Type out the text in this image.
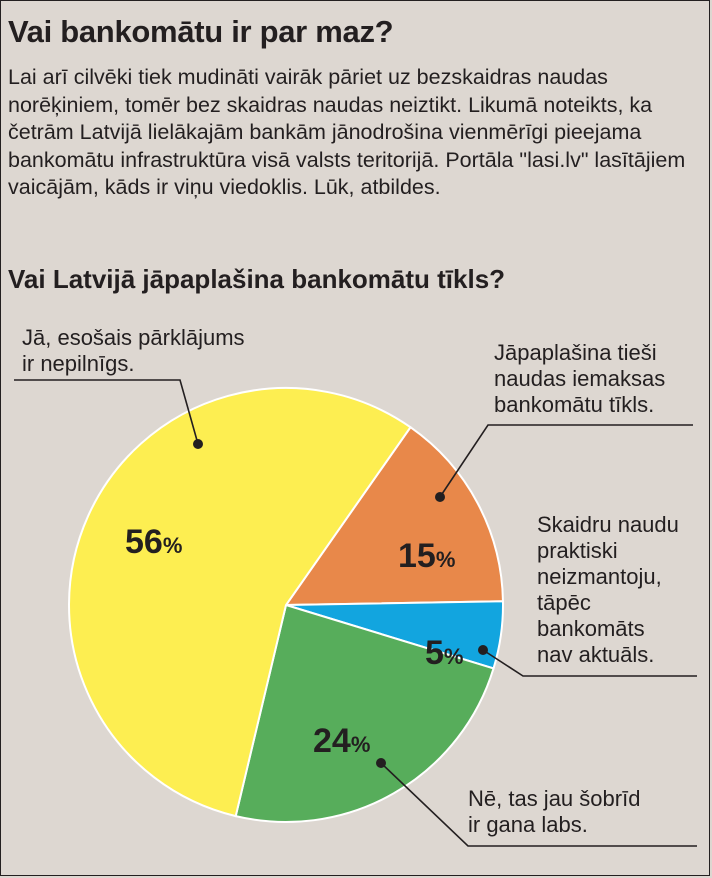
Vai bankomātu ir par maz?

Lai arī cilvēki tiek mudināti vairāk pāriet uz bezskaidras naudas norēķiniem, tomēr bez skaidras naudas neiztikt. Likumā noteikts, ka četrām Latvijā lielākajām bankām jānodrošina vienmērīgi pieejama bankomātu infrastruktūra visā valsts teritorijā. Portāla "lasi.lv" lasītājiem vaicājām, kāds ir viņu viedoklis. Lūk, atbildes.

Vai Latvijā jāpaplašina bankomātu tīkls?
15%
Jāpaplašina tieši naudas iemaksas bankomātu tīkls.
5%
Skaidru naudu praktiski neizmantoju, tāpēc bankomāts nav aktuāls.
24%
Nē, tas jau šobrīd ir gana labs.
56%
Jā, esošais pārklājums ir nepilnīgs.
